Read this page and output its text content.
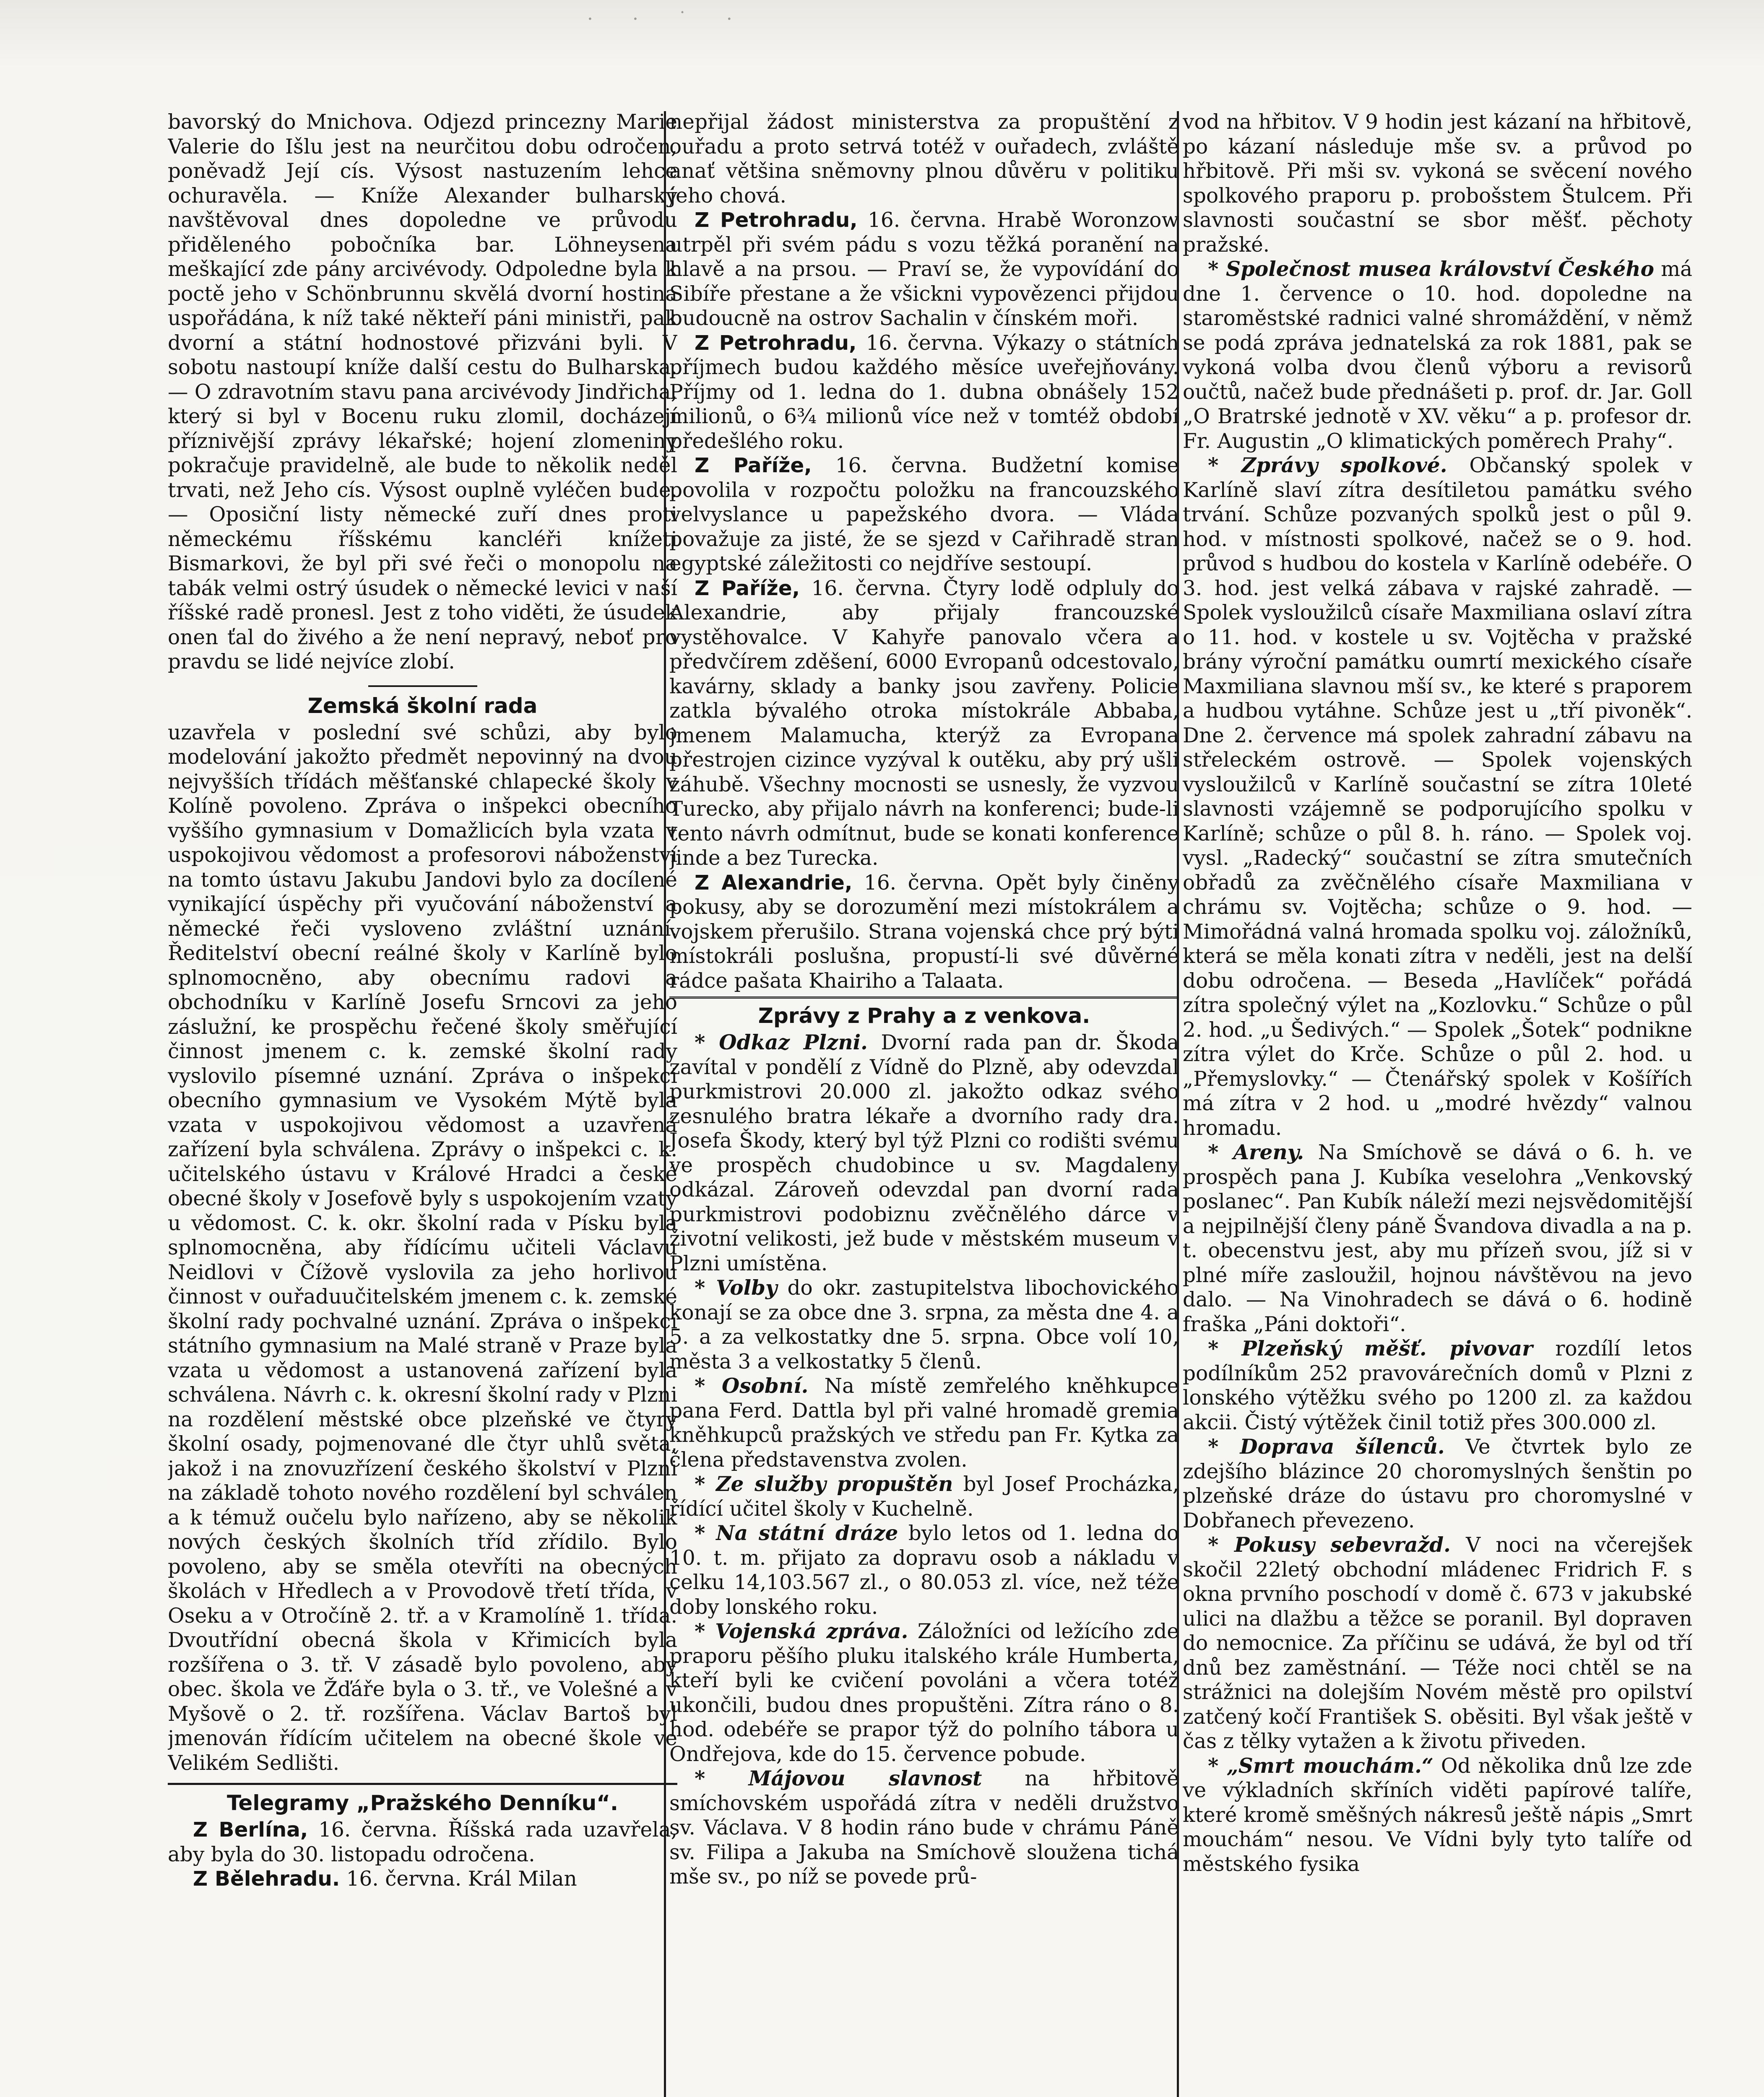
· · ˙ ·

bavorský do Mnichova. Odjezd princezny Marie Valerie do Išlu jest na neurčitou dobu odročen, poněvadž Její cís. Výsost nastuzením lehce ochuravěla. — Kníže Alexander bulharský navštěvoval dnes dopoledne ve průvodu přiděleného pobočníka bar. Löhneysena meškající zde pány arcivévody. Odpoledne byla k poctě jeho v Schönbrunnu skvělá dvorní hostina uspořádána, k níž také někteří páni ministři, pak dvorní a státní hodnostové přizváni byli. V sobotu nastoupí kníže další cestu do Bulharska. — O zdravotním stavu pana arcivévody Jindřicha, který si byl v Bocenu ruku zlomil, docházejí příznivější zprávy lékařské; hojení zlomeniny pokračuje pravidelně, ale bude to několik neděl trvati, než Jeho cís. Výsost ouplně vyléčen bude. — Oposiční listy německé zuří dnes proti německému říšskému kancléři knížeti Bismarkovi, že byl při své řeči o monopolu na tabák velmi ostrý úsudek o německé levici v naší říšské radě pronesl. Jest z toho viděti, že úsudek onen ťal do živého a že není nepravý, neboť pro pravdu se lidé nejvíce zlobí.

Zemská školní rada

uzavřela v poslední své schůzi, aby bylo modelování jakožto předmět nepovinný na dvou nejvyšších třídách měšťanské chlapecké školy v Kolíně povoleno. Zpráva o inšpekci obecního vyššího gymnasium v Domažlicích byla vzata v uspokojivou vědomost a profesorovi náboženství na tomto ústavu Jakubu Jandovi bylo za docílené vynikající úspěchy při vyučování náboženství a německé řeči vysloveno zvláštní uznání. Ředitelství obecní reálné školy v Karlíně bylo splnomocněno, aby obecnímu radovi a obchodníku v Karlíně Josefu Srncovi za jeho záslužní, ke prospěchu řečené školy směřující činnost jmenem c. k. zemské školní rady vyslovilo písemné uznání. Zpráva o inšpekci obecního gymnasium ve Vysokém Mýtě byla vzata v uspokojivou vědomost a uzavřená zařízení byla schválena. Zprávy o inšpekci c. k. učitelského ústavu v Králové Hradci a české obecné školy v Josefově byly s uspokojením vzaty u vědomost. C. k. okr. školní rada v Písku byla splnomocněna, aby řídícímu učiteli Václavu Neidlovi v Čížově vyslovila za jeho horlivou činnost v ouřaduučitelském jmenem c. k. zemské školní rady pochvalné uznání. Zpráva o inšpekci státního gymnasium na Malé straně v Praze byla vzata u vědomost a ustanovená zařízení byla schválena. Návrh c. k. okresní školní rady v Plzni na rozdělení městské obce plzeňské ve čtyry školní osady, pojmenované dle čtyr uhlů světa, jakož i na znovuzřízení českého školství v Plzni na základě tohoto nového rozdělení byl schválen a k témuž oučelu bylo nařízeno, aby se několik nových českých školních tříd zřídilo. Bylo povoleno, aby se směla otevříti na obecných školách v Hředlech a v Provodově třetí třída, v Oseku a v Otročíně 2. tř. a v Kramolíně 1. třída. Dvoutřídní obecná škola v Křimicích byla rozšířena o 3. tř. V zásadě bylo povoleno, aby obec. škola ve Žďáře byla o 3. tř., ve Volešné a v Myšově o 2. tř. rozšířena. Václav Bartoš byl jmenován řídícím učitelem na obecné škole ve Velikém Sedlišti.

Telegramy „Pražského Denníku“.

Z Berlína, 16. června. Říšská rada uzavřela, aby byla do 30. listopadu odročena.

Z Bělehradu. 16. června. Král Milan

nepřijal žádost ministerstva za propuštění z ouřadu a proto setrvá totéž v ouřadech, zvláště anať většina sněmovny plnou důvěru v politiku jeho chová.

Z Petrohradu, 16. června. Hrabě Woronzow utrpěl při svém pádu s vozu těžká poranění na hlavě a na prsou. — Praví se, že vypovídání do Sibíře přestane a že všickni vypovězenci přijdou budoucně na ostrov Sachalin v čínském moři.

Z Petrohradu, 16. června. Výkazy o státních příjmech budou každého měsíce uveřejňovány. Příjmy od 1. ledna do 1. dubna obnášely 152 milionů, o 6¾ milionů více než v tomtéž období předešlého roku.

Z Paříže, 16. června. Budžetní komise povolila v rozpočtu položku na francouzského velvyslance u papežského dvora. — Vláda považuje za jisté, že se sjezd v Cařihradě stran egyptské záležitosti co nejdříve sestoupí.

Z Paříže, 16. června. Čtyry lodě odpluly do Alexandrie, aby přijaly francouzské vystěhovalce. V Kahyře panovalo včera a předvčírem zděšení, 6000 Evropanů odcestovalo, kavárny, sklady a banky jsou zavřeny. Policie zatkla bývalého otroka místokrále Abbaba, jmenem Malamucha, kterýž za Evropana přestrojen cizince vyzýval k outěku, aby prý ušli záhubě. Všechny mocnosti se usnesly, že vyzvou Turecko, aby přijalo návrh na konferenci; bude-li tento návrh odmítnut, bude se konati konference jinde a bez Turecka.

Z Alexandrie, 16. června. Opět byly činěny pokusy, aby se dorozumění mezi místokrálem a vojskem přerušilo. Strana vojenská chce prý býti místokráli poslušna, propustí-li své důvěrné rádce pašata Khairiho a Talaata.

Zprávy z Prahy a z venkova.

* Odkaz Plzni. Dvorní rada pan dr. Škoda zavítal v pondělí z Vídně do Plzně, aby odevzdal purkmistrovi 20.000 zl. jakožto odkaz svého zesnulého bratra lékaře a dvorního rady dra. Josefa Škody, který byl týž Plzni co rodišti svému ve prospěch chudobince u sv. Magdaleny odkázal. Zároveň odevzdal pan dvorní rada purkmistrovi podobiznu zvěčnělého dárce v životní velikosti, jež bude v městském museum v Plzni umístěna.

* Volby do okr. zastupitelstva libochovického konají se za obce dne 3. srpna, za města dne 4. a 5. a za velkostatky dne 5. srpna. Obce volí 10, města 3 a velkostatky 5 členů.

* Osobní. Na místě zemřelého kněhkupce pana Ferd. Dattla byl při valné hromadě gremia kněhkupců pražských ve středu pan Fr. Kytka za člena představenstva zvolen.

* Ze služby propuštěn byl Josef Procházka, řídící učitel školy v Kuchelně.

* Na státní dráze bylo letos od 1. ledna do 10. t. m. přijato za dopravu osob a nákladu v celku 14,103.567 zl., o 80.053 zl. více, než téže doby lonského roku.

* Vojenská zpráva. Záložníci od ležícího zde praporu pěšího pluku italského krále Humberta, kteří byli ke cvičení povoláni a včera totéž ukončili, budou dnes propuštěni. Zítra ráno o 8. hod. odebéře se prapor týž do polního tábora u Ondřejova, kde do 15. července pobude.

* Májovou slavnost na hřbitově smíchovském uspořádá zítra v neděli družstvo sv. Václava. V 8 hodin ráno bude v chrámu Páně sv. Filipa a Jakuba na Smíchově sloužena tichá mše sv., po níž se povede prů-

vod na hřbitov. V 9 hodin jest kázaní na hřbitově, po kázaní následuje mše sv. a průvod po hřbitově. Při mši sv. vykoná se svěcení nového spolkového praporu p. probošstem Štulcem. Při slavnosti součastní se sbor měšť. pěchoty pražské.

* Společnost musea království Českého má dne 1. července o 10. hod. dopoledne na staroměstské radnici valné shromáždění, v němž se podá zpráva jednatelská za rok 1881, pak se vykoná volba dvou členů výboru a revisorů oučtů, načež bude přednášeti p. prof. dr. Jar. Goll „O Bratrské jednotě v XV. věku“ a p. profesor dr. Fr. Augustin „O klimatických poměrech Prahy“.

* Zprávy spolkové. Občanský spolek v Karlíně slaví zítra desítiletou památku svého trvání. Schůze pozvaných spolků jest o půl 9. hod. v místnosti spolkové, načež se o 9. hod. průvod s hudbou do kostela v Karlíně odebéře. O 3. hod. jest velká zábava v rajské zahradě. — Spolek vysloužilců císaře Maxmiliana oslaví zítra o 11. hod. v kostele u sv. Vojtěcha v pražské brány výroční památku oumrtí mexického císaře Maxmiliana slavnou mší sv., ke které s praporem a hudbou vytáhne. Schůze jest u „tří pivoněk“. Dne 2. července má spolek zahradní zábavu na střeleckém ostrově. — Spolek vojenských vysloužilců v Karlíně součastní se zítra 10leté slavnosti vzájemně se podporujícího spolku v Karlíně; schůze o půl 8. h. ráno. — Spolek voj. vysl. „Radecký“ součastní se zítra smutečních obřadů za zvěčnělého císaře Maxmiliana v chrámu sv. Vojtěcha; schůze o 9. hod. — Mimořádná valná hromada spolku voj. záložníků, která se měla konati zítra v neděli, jest na delší dobu odročena. — Beseda „Havlíček“ pořádá zítra společný výlet na „Kozlovku.“ Schůze o půl 2. hod. „u Šedivých.“ — Spolek „Šotek“ podnikne zítra výlet do Krče. Schůze o půl 2. hod. u „Přemyslovky.“ — Čtenářský spolek v Košířích má zítra v 2 hod. u „modré hvězdy“ valnou hromadu.

* Areny. Na Smíchově se dává o 6. h. ve prospěch pana J. Kubíka veselohra „Venkovský poslanec“. Pan Kubík náleží mezi nejsvědomitější a nejpilnější členy páně Švandova divadla a na p. t. obecenstvu jest, aby mu přízeň svou, jíž si v plné míře zasloužil, hojnou návštěvou na jevo dalo. — Na Vinohradech se dává o 6. hodině fraška „Páni doktoři“.

* Plzeňský měšť. pivovar rozdílí letos podílníkům 252 pravovárečních domů v Plzni z lonského výtěžku svého po 1200 zl. za každou akcii. Čistý výtěžek činil totiž přes 300.000 zl.

* Doprava šílenců. Ve čtvrtek bylo ze zdejšího blázince 20 choromyslných šenštin po plzeňské dráze do ústavu pro choromyslné v Dobřanech převezeno.

* Pokusy sebevražd. V noci na včerejšek skočil 22letý obchodní mládenec Fridrich F. s okna prvního poschodí v domě č. 673 v jakubské ulici na dlažbu a těžce se poranil. Byl dopraven do nemocnice. Za příčinu se udává, že byl od tří dnů bez zaměstnání. — Téže noci chtěl se na strážnici na dolejším Novém městě pro opilství zatčený kočí František S. oběsiti. Byl však ještě v čas z tělky vytažen a k životu přiveden.

* „Smrt mouchám.“ Od několika dnů lze zde ve výkladních skříních viděti papírové talíře, které kromě směšných nákresů ještě nápis „Smrt mouchám“ nesou. Ve Vídni byly tyto talíře od městského fysika
